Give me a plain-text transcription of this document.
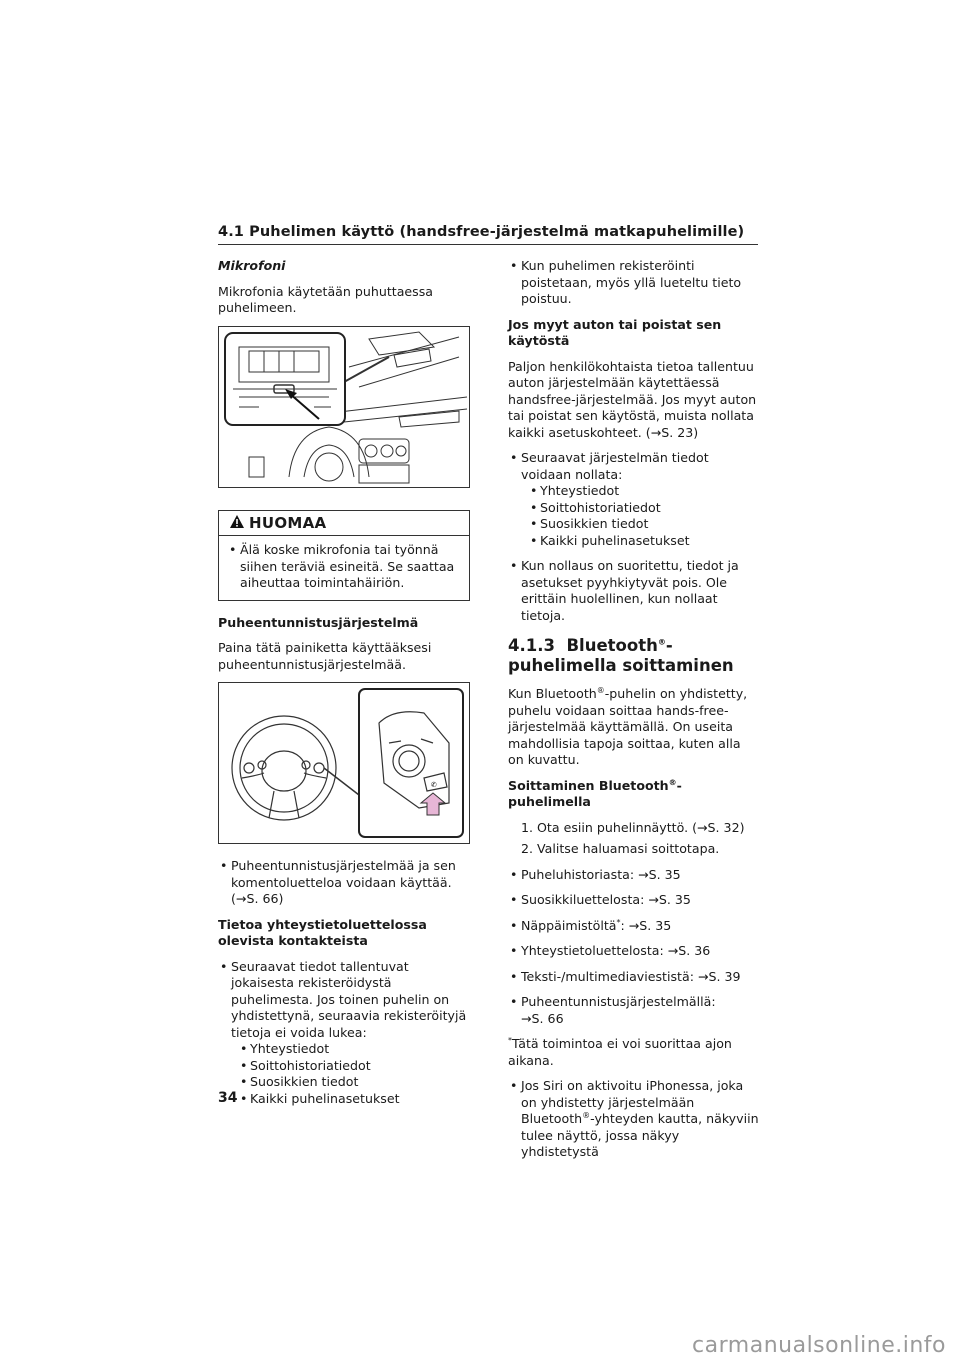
4.1 Puhelimen käyttö (handsfree-järjestelmä matkapuhelimille)

Mikrofoni

Mikrofonia käytetään puhuttaessa puhelimeen.

HUOMAA
• Älä koske mikrofonia tai työnnä siihen teräviä esineitä. Se saattaa aiheuttaa toimintahäiriön.
Puheentunnistusjärjestelmä

Paina tätä painiketta käyttääksesi puheentunnistusjärjestelmää.

✆
• Puheentunnistusjärjestelmää ja sen komentoluetteloa voidaan käyttää. (→S. 66)
Tietoa yhteystietoluettelossa olevista kontakteista
• Seuraavat tiedot tallentuvat jokaisesta rekisteröidystä puhelimesta. Jos toinen puhelin on yhdistettynä, seuraavia rekisteröityjä tietoja ei voida lukea:
• Yhteystiedot
• Soittohistoriatiedot
• Suosikkien tiedot
• Kaikki puhelinasetukset
• Kun puhelimen rekisteröinti poistetaan, myös yllä lueteltu tieto poistuu.
Jos myyt auton tai poistat sen käytöstä

Paljon henkilökohtaista tietoa tallentuu auton järjestelmään käytettäessä handsfree-järjestelmää. Jos myyt auton tai poistat sen käytöstä, muista nollata kaikki asetuskohteet. (→S. 23)

• Seuraavat järjestelmän tiedot voidaan nollata:
• Yhteystiedot
• Soittohistoriatiedot
• Suosikkien tiedot
• Kaikki puhelinasetukset
• Kun nollaus on suoritettu, tiedot ja asetukset pyyhkiytyvät pois. Ole erittäin huolellinen, kun nollaat tietoja.
4.1.3 Bluetooth®-puhelimella soittaminen

Kun Bluetooth®-puhelin on yhdistetty, puhelu voidaan soittaa hands-free-järjestelmää käyttämällä. On useita mahdollisia tapoja soittaa, kuten alla on kuvattu.

Soittaminen Bluetooth®-puhelimella
1. Ota esiin puhelinnäyttö. (→S. 32)
2. Valitse haluamasi soittotapa.
• Puheluhistoriasta: →S. 35
• Suosikkiluettelosta: →S. 35
• Näppäimistöltä*: →S. 35
• Yhteystietoluettelosta: →S. 36
• Teksti-/multimediaviestistä: →S. 39
• Puheentunnistusjärjestelmällä: →S. 66

*Tätä toimintoa ei voi suorittaa ajon aikana.

• Jos Siri on aktivoitu iPhonessa, joka on yhdistetty järjestelmään Bluetooth®-yhteyden kautta, näkyviin tulee näyttö, jossa näkyy yhdistetystä
34
carmanualsonline.info
